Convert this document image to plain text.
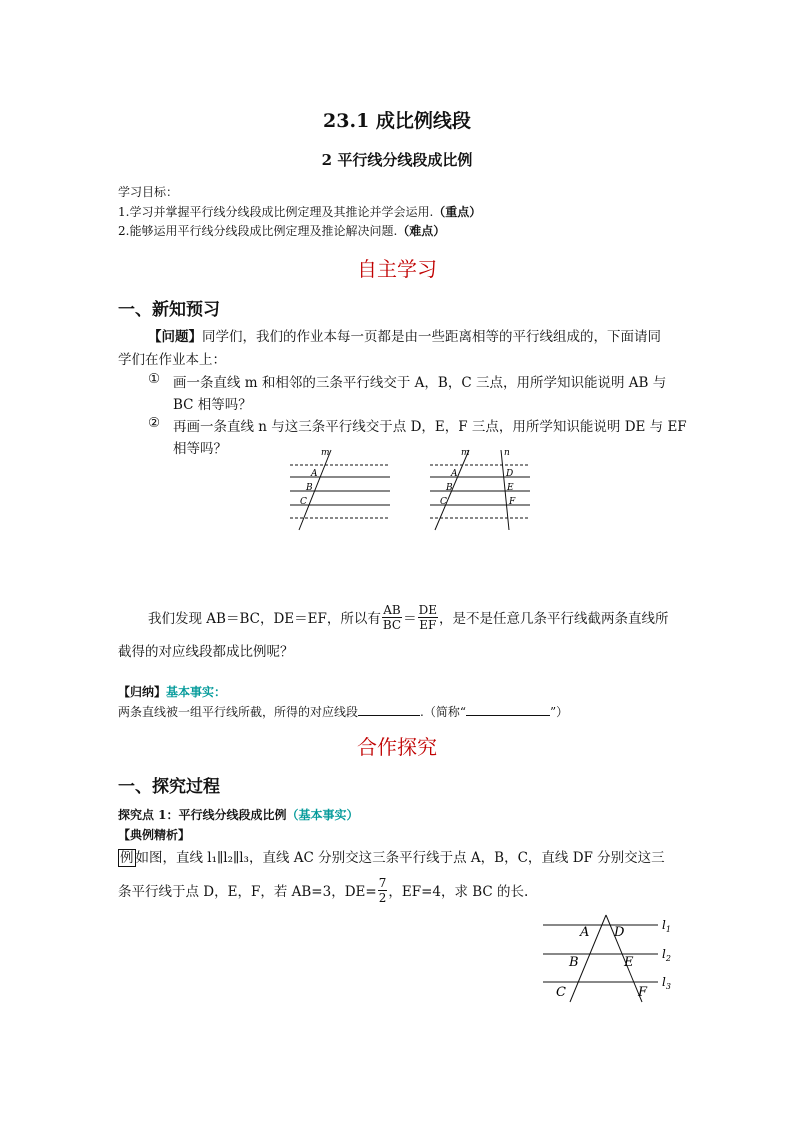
23.1 成比例线段
2 平行线分线段成比例
学习目标：
1.学习并掌握平行线分线段成比例定理及其推论并学会运用.（重点）
2.能够运用平行线分线段成比例定理及推论解决问题.（难点）
自主学习
一、新知预习
【问题】同学们，我们的作业本每一页都是由一些距离相等的平行线组成的，下面请同
学们在作业本上：
① 画一条直线 m 和相邻的三条平行线交于 A，B，C 三点，用所学知识能说明 AB 与
BC 相等吗？
② 再画一条直线 n 与这三条平行线交于点 D，E，F 三点，用所学知识能说明 DE 与 EF
相等吗？	m
A
B
C
m	n
A
B
C
D
E
F
我们发现 AB＝BC，DE＝EF，所以有 $\frac{AB}{BC} = \frac{DE}{EF}$ ，是不是任意几条平行线截两条直线所
截得的对应线段都成比例呢？
【归纳】基本事实：
两条直线被一组平行线所截，所得的对应线段	.（简称“	”）
合作探究
一、探究过程
探究点 1：平行线分线段成比例（基本事实）
【典例精析】
例 如图，直线 l₁∥l₂∥l₃，直线 AC 分别交这三条平行线于点 A，B，C，直线 DF 分别交这三
条平行线于点 D，E，F，若 AB=3，$DE= \frac{7}{2}$ ，EF=4，求 BC 的长.
A D
B	E
C	F
$l_1$
$l_2$
$l_3$
